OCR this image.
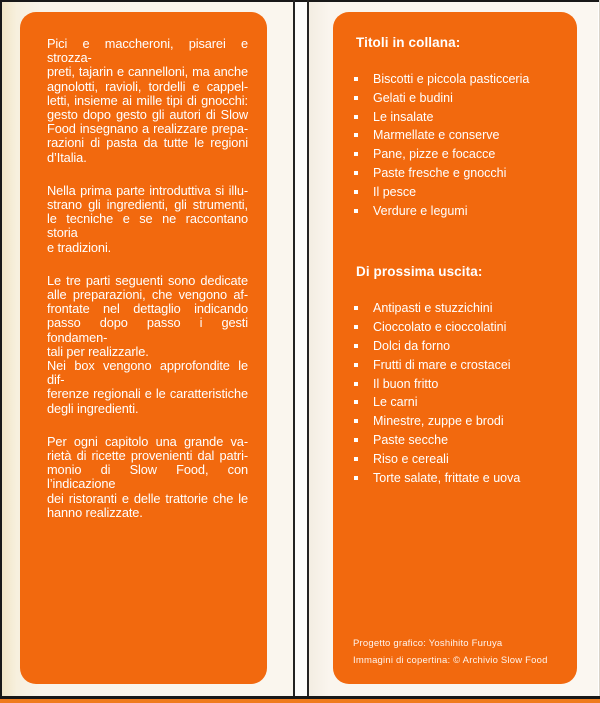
Pici e maccheroni, pisarei e strozza-
preti, tajarin e cannelloni, ma anche
agnolotti, ravioli, tordelli e cappel-
letti, insieme ai mille tipi di gnocchi:
gesto dopo gesto gli autori di Slow
Food insegnano a realizzare prepa-
razioni di pasta da tutte le regioni
d’Italia.
Nella prima parte introduttiva si illu-
strano gli ingredienti, gli strumenti,
le tecniche e se ne raccontano storia
e tradizioni.
Le tre parti seguenti sono dedicate
alle preparazioni, che vengono af-
frontate nel dettaglio indicando
passo dopo passo i gesti fondamen-
tali per realizzarle.
Nei box vengono approfondite le dif-
ferenze regionali e le caratteristiche
degli ingredienti.
Per ogni capitolo una grande va-
rietà di ricette provenienti dal patri-
monio di Slow Food, con l’indicazione
dei ristoranti e delle trattorie che le
hanno realizzate.
Titoli in collana:
Biscotti e piccola pasticceria
Gelati e budini
Le insalate
Marmellate e conserve
Pane, pizze e focacce
Paste fresche e gnocchi
Il pesce
Verdure e legumi
Di prossima uscita:
Antipasti e stuzzichini
Cioccolato e cioccolatini
Dolci da forno
Frutti di mare e crostacei
Il buon fritto
Le carni
Minestre, zuppe e brodi
Paste secche
Riso e cereali
Torte salate, frittate e uova
Progetto grafico: Yoshihito Furuya
Immagini di copertina: © Archivio Slow Food
